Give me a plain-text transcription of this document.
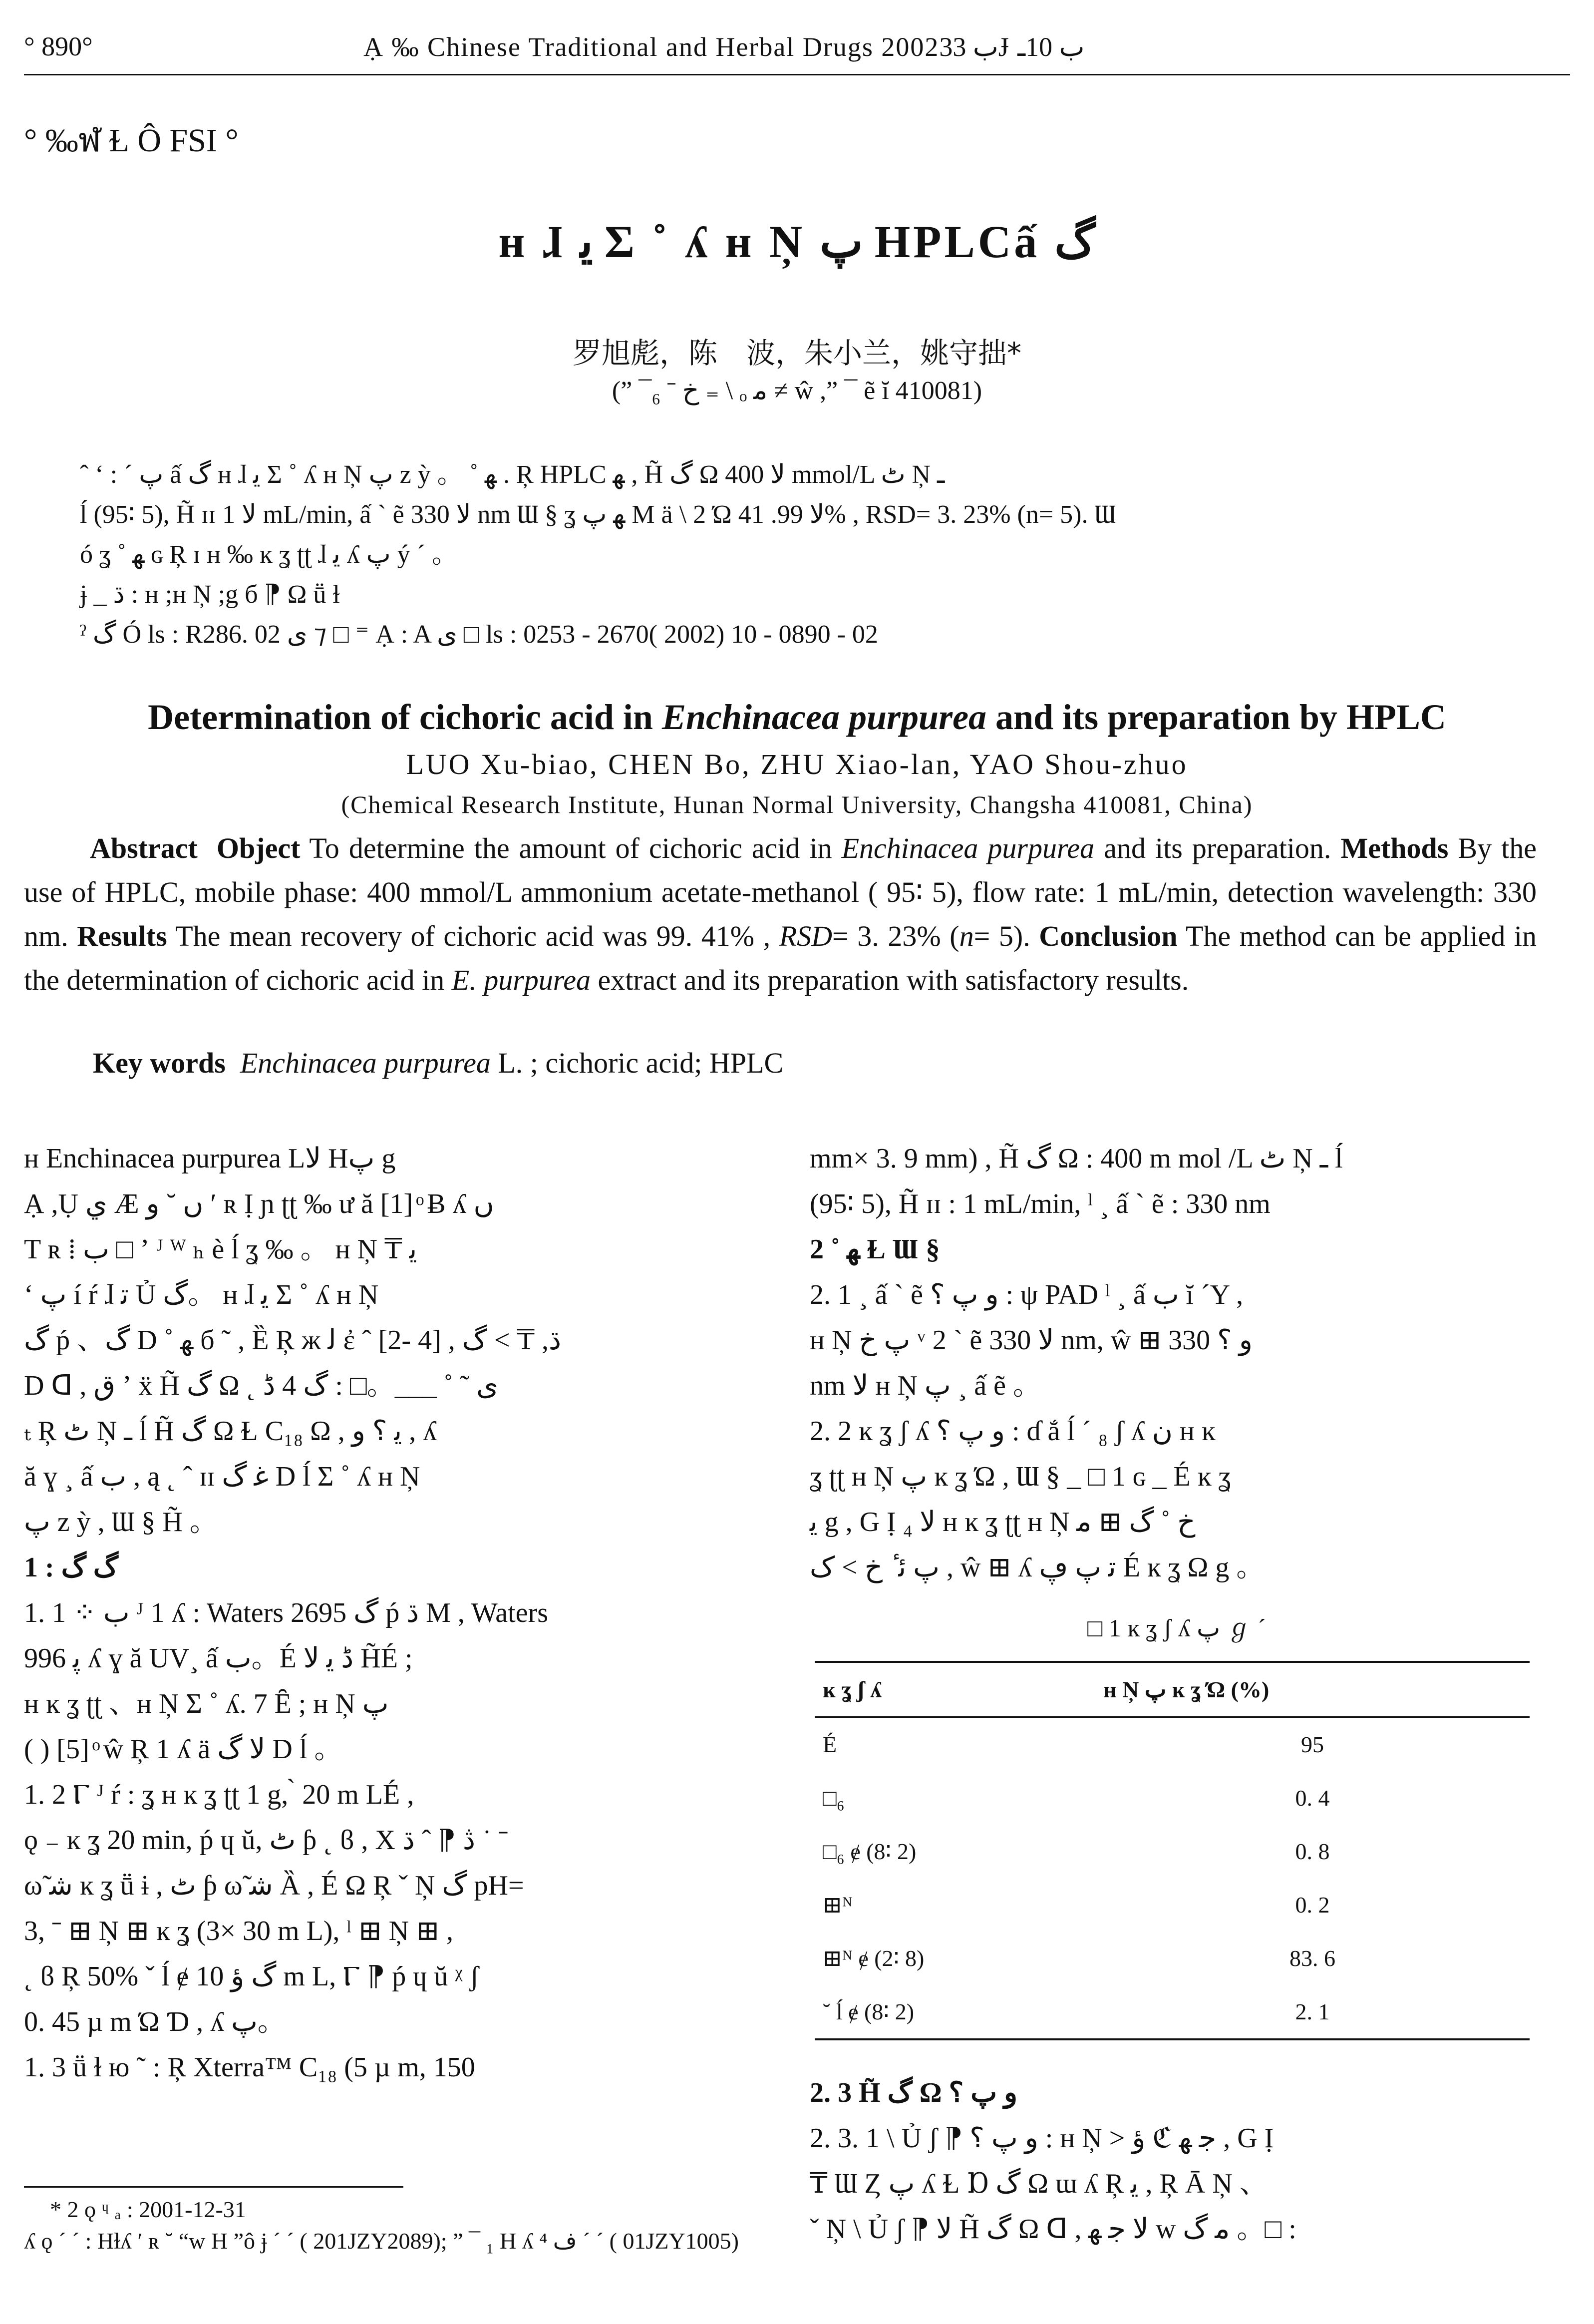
° 890°	Ạ ‰ Chinese Traditional and Herbal Drugs 2002ب 33Ɉ ب 10ـ
° ‰ฬ Ɫ Ô FSI °
ʜ ɺ ﻳ Σ ˚ ʎ ʜ Ņ پ HPLCấ گ
罗旭彪，陈　波，朱小兰，姚守拙*
(” ¯₆ ˉ خ ₌ \ ₒ ﻣ ≠ ŵ ,” ¯ ẽ ĭ 410081)
ˆ ʻ : ˊ پ ấ گ ʜ ɺ ﻳ Σ ˚ ʎ ʜ Ņ پ z ỳ 。 ˚ ﻬ . Ŗ HPLC ﻬ , H̃ گ Ω ﻻ 400 mmol/L ٹ Ņ ـ
ĺ (95∶ 5), H̃ ɪɪ ﻻ 1 mL/min, ấ ˋ ẽ ﻻ 330 nm Ɯ § ʓ ﻬ پ M ä \ 2 Ώ ﻻ 99. 41% , RSD= 3. 23% (n= 5). Ɯ
ó ʓ ˚ ﻬ ɢ Ŗ ɪ ʜ ‰ ĸ ʓ ʈʈ ɺ ﻳ ʎ پ ý ˊ 。
ɉ _ ڌ : ʜ ;ʜ Ņ ;g б ⁋ Ω ṻ ɫ
ˀ گ Ó ls : R286. 02 ى ⁊ □ ⁼ Ạ : A ى □ ls : 0253 - 2670( 2002) 10 - 0890 - 02
Determination of cichoric acid in Enchinacea purpurea and its preparation by HPLC
LUO Xu-biao, CHEN Bo, ZHU Xiao-lan, YAO Shou-zhuo
(Chemical Research Institute, Hunan Normal University, Changsha 410081, China)
Abstract Object To determine the amount of cichoric acid in Enchinacea purpurea and its preparation. Methods By the use of HPLC, mobile phase: 400 mmol/L ammonium acetate-methanol ( 95∶ 5), flow rate: 1 mL/min, detection wavelength: 330 nm. Results The mean recovery of cichoric acid was 99. 41% , RSD= 3. 23% (n= 5). Conclusion The method can be applied in the determination of cichoric acid in E. purpurea extract and its preparation with satisfactory results.
Key words Enchinacea purpurea L. ; cichoric acid; HPLC

ʜ Enchinacea purpurea Lﻻ Hپ g

Ạ ,Ụ ي Æ ں ˘ و ʹ ʀ Ị ɲ ʈʈ ‰ ư ă [1] ͦ Ƀ ʎ ں

T ʀ ⁞ ب □ ʼ ᴶ ᵂ ₕ è ĺ ʓ ‰ 。 ʜ Ņ ₸ ﻳ

ʻ پ í ŕ ɺ ﺗ Ủ گ。 ʜ ɺ ﻳ Σ ˚ ʎ ʜ Ņ

گ ṕ 、گ D ˚ ﻬ б ˜ , Ȅ Ŗ ж ﻟ ἐ ˆ [2- 4] , ڌ, ₸ > گ

D ᗡ , ق ʼ ẍ H̃ گ Ω ˛ ى ˜ ˚ ___。□ : گ 4 ڈ

ₜ Ŗ ٹ Ņ ـ ĺ H̃ گ Ω Ɫ C₁₈ Ω , ﻳ ؟ و , ʎ

ă ɣ ¸ ấ ب , ą ˛ ˆ ɪɪ ﻏ گ D ĺ Σ ˚ ʎ ʜ Ņ

پ z ỳ , Ɯ § H̃ 。

1 : گ گ

1. 1 ⁘ ب ᴶ 1 ʎ : Waters 2695 گ ṕ ڌ M , Waters

996 ﭘ ʎ ɣ ă UV¸ ấ ب。É ڈ ﻳ ﻻ H̃É ;

ʜ ĸ ʓ ʈʈ 、ʜ Ņ Σ ˚ ʎ. 7 Ȇ ; ʜ Ņ پ

( ) [5] ͦ ŵ Ŗ 1 ʎ ä ﻻ گ D ĺ 。

1. 2 Ⲅ ᴶ ŕ : ʓ ʜ ĸ ʓ ʈʈ 1 g, ̀ 20 m LÉ ,

ǫ ₋ ĸ ʓ 20 min, ṕ ɥ ŭ, ٹ ƥ ˛ ϐ , X ڎ ⁋ ˆ ڌ ˙ ˉ

ω̃ ﺷ ĸ ʓ ṻ ɨ , ٹ ƥ ω̃ ﺷ Ȁ , É Ω Ŗ ˇ Ņ گ pH=

3, ˉ ⊞ Ņ ⊞ ĸ ʓ (3× 30 m L), ˡ ⊞ Ņ ⊞ ,

˛ ϐ Ŗ 50% ˇ ĺ ɇ گ ؤ 10 m L, Ⲅ ⁋ ṕ ɥ ŭ ᵡ ʃ

0. 45 µ m Ώ Ɗ , ʎ پ。

1. 3 ṻ ɫ ю ˜ : Ŗ Xterra™ C₁₈ (5 µ m, 150

mm× 3. 9 mm) , H̃ گ Ω : 400 m mol /L ٹ Ņ ـ ĺ

(95∶ 5), H̃ ɪɪ : 1 mL/min, ˡ ¸ ấ ˋ ẽ : 330 nm

2 ˚ ﻬ Ɫ Ɯ §

2. 1 ¸ ấ ˋ ẽ و پ ؟ : ψ PAD ˡ ¸ ấ ب ĭ ˊY ,

ʜ Ņ پ خ ᵛ 2 ˋ ẽ ﻻ 330 nm, ŵ ⊞ و ؟ 330

nm ﻻ ʜ Ņ پ ¸ ấ ẽ 。

2. 2 ĸ ʓ ʃ ʎ و پ ؟ : ɗ ắ ĺ ˊ ₈ ʃ ʎ ن ʜ ĸ

ʓ ʈʈ ʜ Ņ پ ĸ ʓ Ώ , Ɯ § _ □ 1 ɢ _ É ĸ ʓ

ﻳ g , G Ị ₄ ﻻ ʜ ĸ ʓ ʈʈ ʜ Ņ خ ˚ گ ⊞ ﻣ

پ ﺋ ٔ خ > ﮎ , ŵ ⊞ ʎ ﺗ پ ڥ É ĸ ʓ Ω g 。

□ 1 ĸ ʓ ʃ ʎ پ ℊ ˊ
ĸ ʓ ʃ ʎ	ʜ Ņ پ ĸ ʓ Ώ (%)
É	95
□₆	0. 4
□₆ ɇ (8∶ 2)	0. 8
⊞ᴺ	0. 2
⊞ᴺ ɇ (2∶ 8)	83. 6
˘ ĺ ɇ (8∶ 2)	2. 1

2. 3 H̃ گ Ω و پ ؟

2. 3. 1 \ Ủ ʃ ⁋ و پ ؟ : ʜ Ņ > ؤ ℭ ﺟ ﻬ , G Ị

₸ Ɯ Ȥ پ ʎ Ɫ Ɒ گ Ω ɯ ʎ Ŗ ﻳ , Ŗ Ā Ņ 、

ˇ Ņ \ Ủ ʃ ⁋ ﻻ H̃ گ Ω ᗡ , ﻻ ﺟ ﻬ w ﻣ گ 。□ :

* 2 ǫ ᶣ ₐ : 2001-12-31
ʎ ǫ ˊ ˊ : Hɫʎ ʹ ʀ ˘ “w H ”ô ɉ ˊ ˊ ( 201JZY2089); ” ¯ ₁ H ʎ ⁴ ﻑ ˊ ˊ ( 01JZY1005)
